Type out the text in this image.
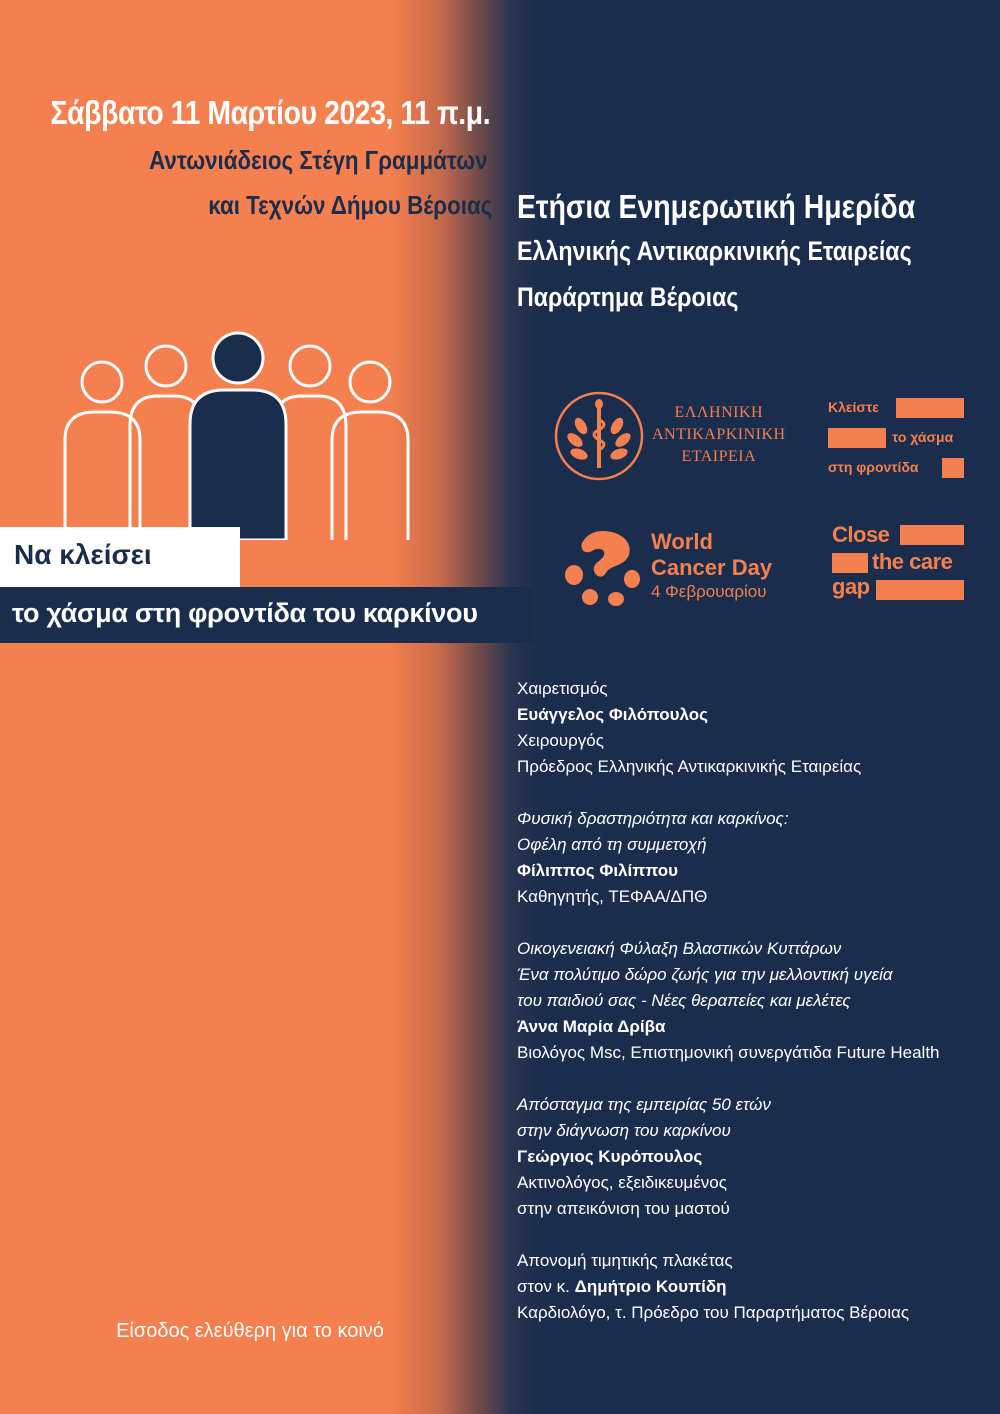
Σάββατο 11 Μαρτίου 2023, 11 π.μ.
Αντωνιάδειος Στέγη Γραμμάτων
και Τεχνών Δήμου Βέροιας Ετήσια Ενημερωτική Ημερίδα
Ελληνικής Αντικαρκινικής Εταιρείας
Παράρτημα Βέροιας
Να κλείσει
το χάσμα στη φροντίδα του καρκίνου
ΕΛΛΗΝΙΚΗ
ΑΝΤΙΚΑΡΚΙΝΙΚΗ
ΕΤΑΙΡΕΙΑ
Κλείστε
το χάσμα
στη φροντίδα
World
Cancer Day
4 Φεβρουαρίου
Close
the care
gap
Χαιρετισμός
Ευάγγελος Φιλόπουλος
Χειρουργός
Πρόεδρος Ελληνικής Αντικαρκινικής Εταιρείας
Φυσική δραστηριότητα και καρκίνος:
Οφέλη από τη συμμετοχή
Φίλιππος Φιλίππου
Καθηγητής, ΤΕΦΑΑ/ΔΠΘ
Οικογενειακή Φύλαξη Βλαστικών Κυττάρων
Ένα πολύτιμο δώρο ζωής για την μελλοντική υγεία
του παιδιού σας - Νέες θεραπείες και μελέτες
Άννα Μαρία Δρίβα
Βιολόγος Msc, Επιστημονική συνεργάτιδα Future Health
Απόσταγμα της εμπειρίας 50 ετών
στην διάγνωση του καρκίνου
Γεώργιος Κυρόπουλος
Ακτινολόγος, εξειδικευμένος
στην απεικόνιση του μαστού
Απονομή τιμητικής πλακέτας
στον κ. Δημήτριο Κουπίδη
Καρδιολόγο, τ. Πρόεδρο του Παραρτήματος Βέροιας
Είσοδος ελεύθερη για το κοινό
